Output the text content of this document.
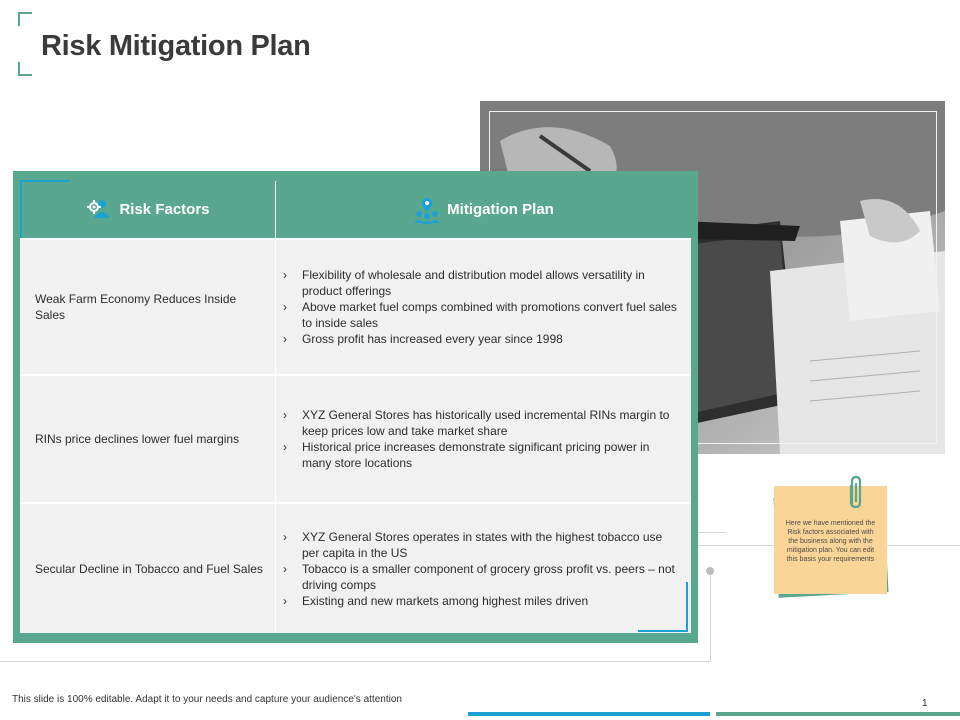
Risk Mitigation Plan
Risk Factors	Mitigation Plan
Weak Farm Economy Reduces Inside Sales
› Flexibility of wholesale and distribution model allows versatility in product offerings
› Above market fuel comps combined with promotions convert fuel sales to inside sales
› Gross profit has increased every year since 1998
RINs price declines lower fuel margins
› XYZ General Stores has historically used incremental RINs margin to keep prices low and take market share
› Historical price increases demonstrate significant pricing power in many store locations
Secular Decline in Tobacco and Fuel Sales
› XYZ General Stores operates in states with the highest tobacco use per capita in the US
› Tobacco is a smaller component of grocery gross profit vs. peers – not driving comps
› Existing and new markets among highest miles driven
Here we have mentioned the Risk factors associated with the business along with the mitigation plan. You can edit this basis your requirements
This slide is 100% editable. Adapt it to your needs and capture your audience's attention	1
